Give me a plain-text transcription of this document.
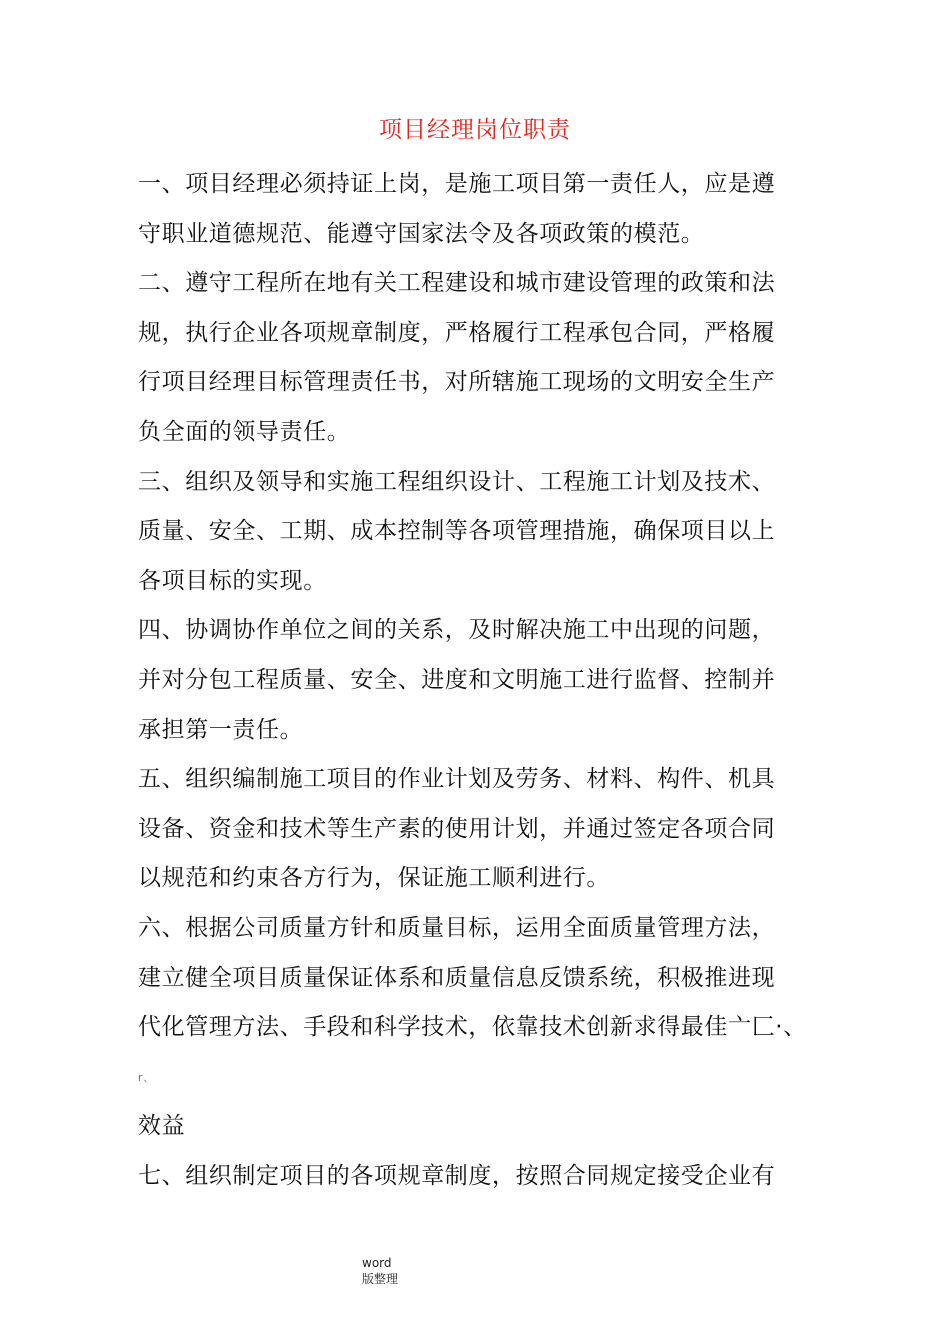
项目经理岗位职责
一、项目经理必须持证上岗，是施工项目第一责任人，应是遵
守职业道德规范、能遵守国家法令及各项政策的模范。
二、遵守工程所在地有关工程建设和城市建设管理的政策和法
规，执行企业各项规章制度，严格履行工程承包合同，严格履
行项目经理目标管理责任书，对所辖施工现场的文明安全生产
负全面的领导责任。
三、组织及领导和实施工程组织设计、工程施工计划及技术、
质量、安全、工期、成本控制等各项管理措施，确保项目以上
各项目标的实现。
四、协调协作单位之间的关系，及时解决施工中出现的问题，
并对分包工程质量、安全、进度和文明施工进行监督、控制并
承担第一责任。
五、组织编制施工项目的作业计划及劳务、材料、构件、机具
设备、资金和技术等生产素的使用计划，并通过签定各项合同
以规范和约束各方行为，保证施工顺利进行。
六、根据公司质量方针和质量目标，运用全面质量管理方法，
建立健全项目质量保证体系和质量信息反馈系统，积极推进现
代化管理方法、手段和科学技术，依靠技术创新求得最佳亠匚·、
r、
效益
七、组织制定项目的各项规章制度，按照合同规定接受企业有
word
版整理
